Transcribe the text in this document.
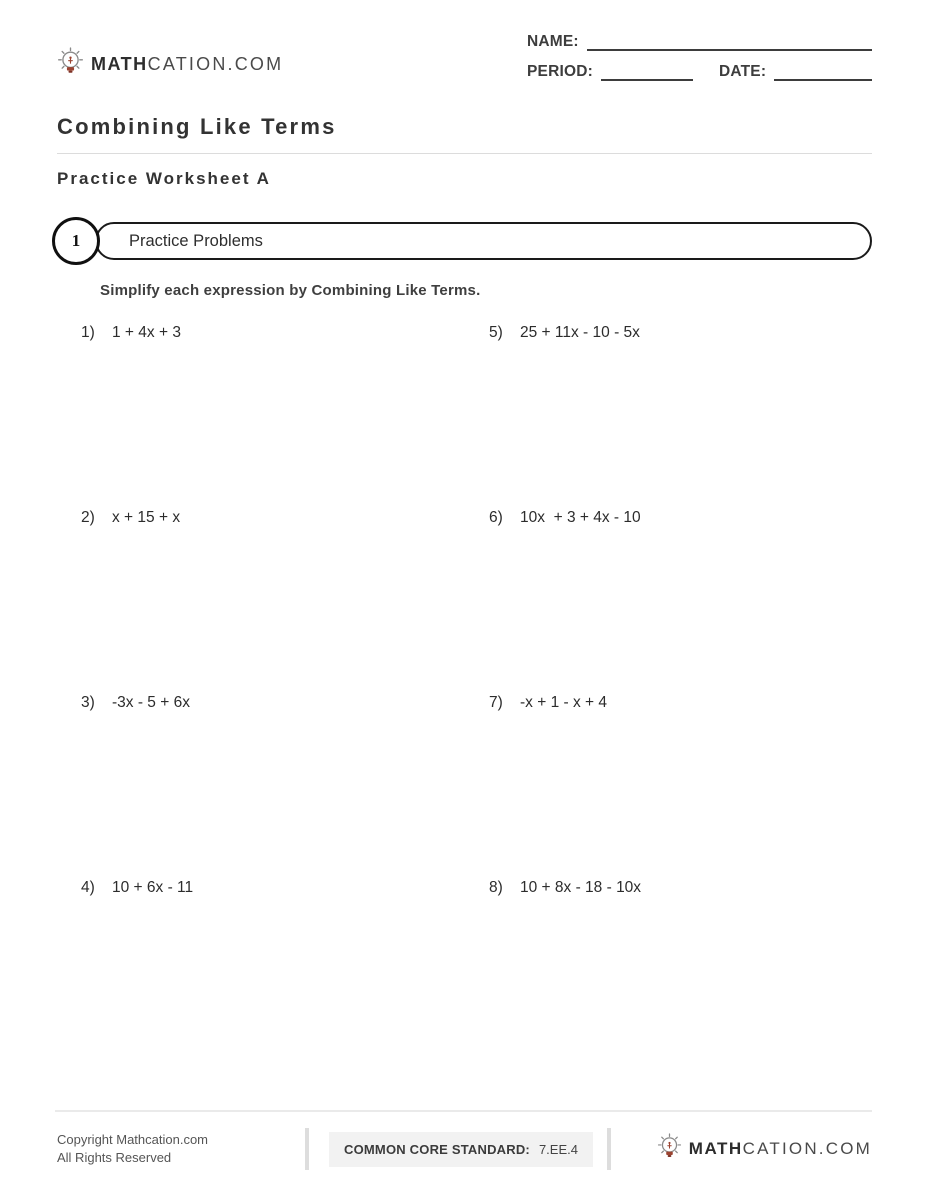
MATHCATION.COM
NAME:
PERIOD:	DATE:
Combining Like Terms
Practice Worksheet A
Practice Problems
1
Simplify each expression by Combining Like Terms.
1) 1 + 4x + 3
2) x + 15 + x
3) -3x - 5 + 6x
4) 10 + 6x - 11
5) 25 + 11x - 10 - 5x
6) 10x  + 3 + 4x - 10
7) -x + 1 - x + 4
8) 10 + 8x - 18 - 10x
Copyright Mathcation.com
All Rights Reserved
COMMON CORE STANDARD: 7.EE.4	MATHCATION.COM
